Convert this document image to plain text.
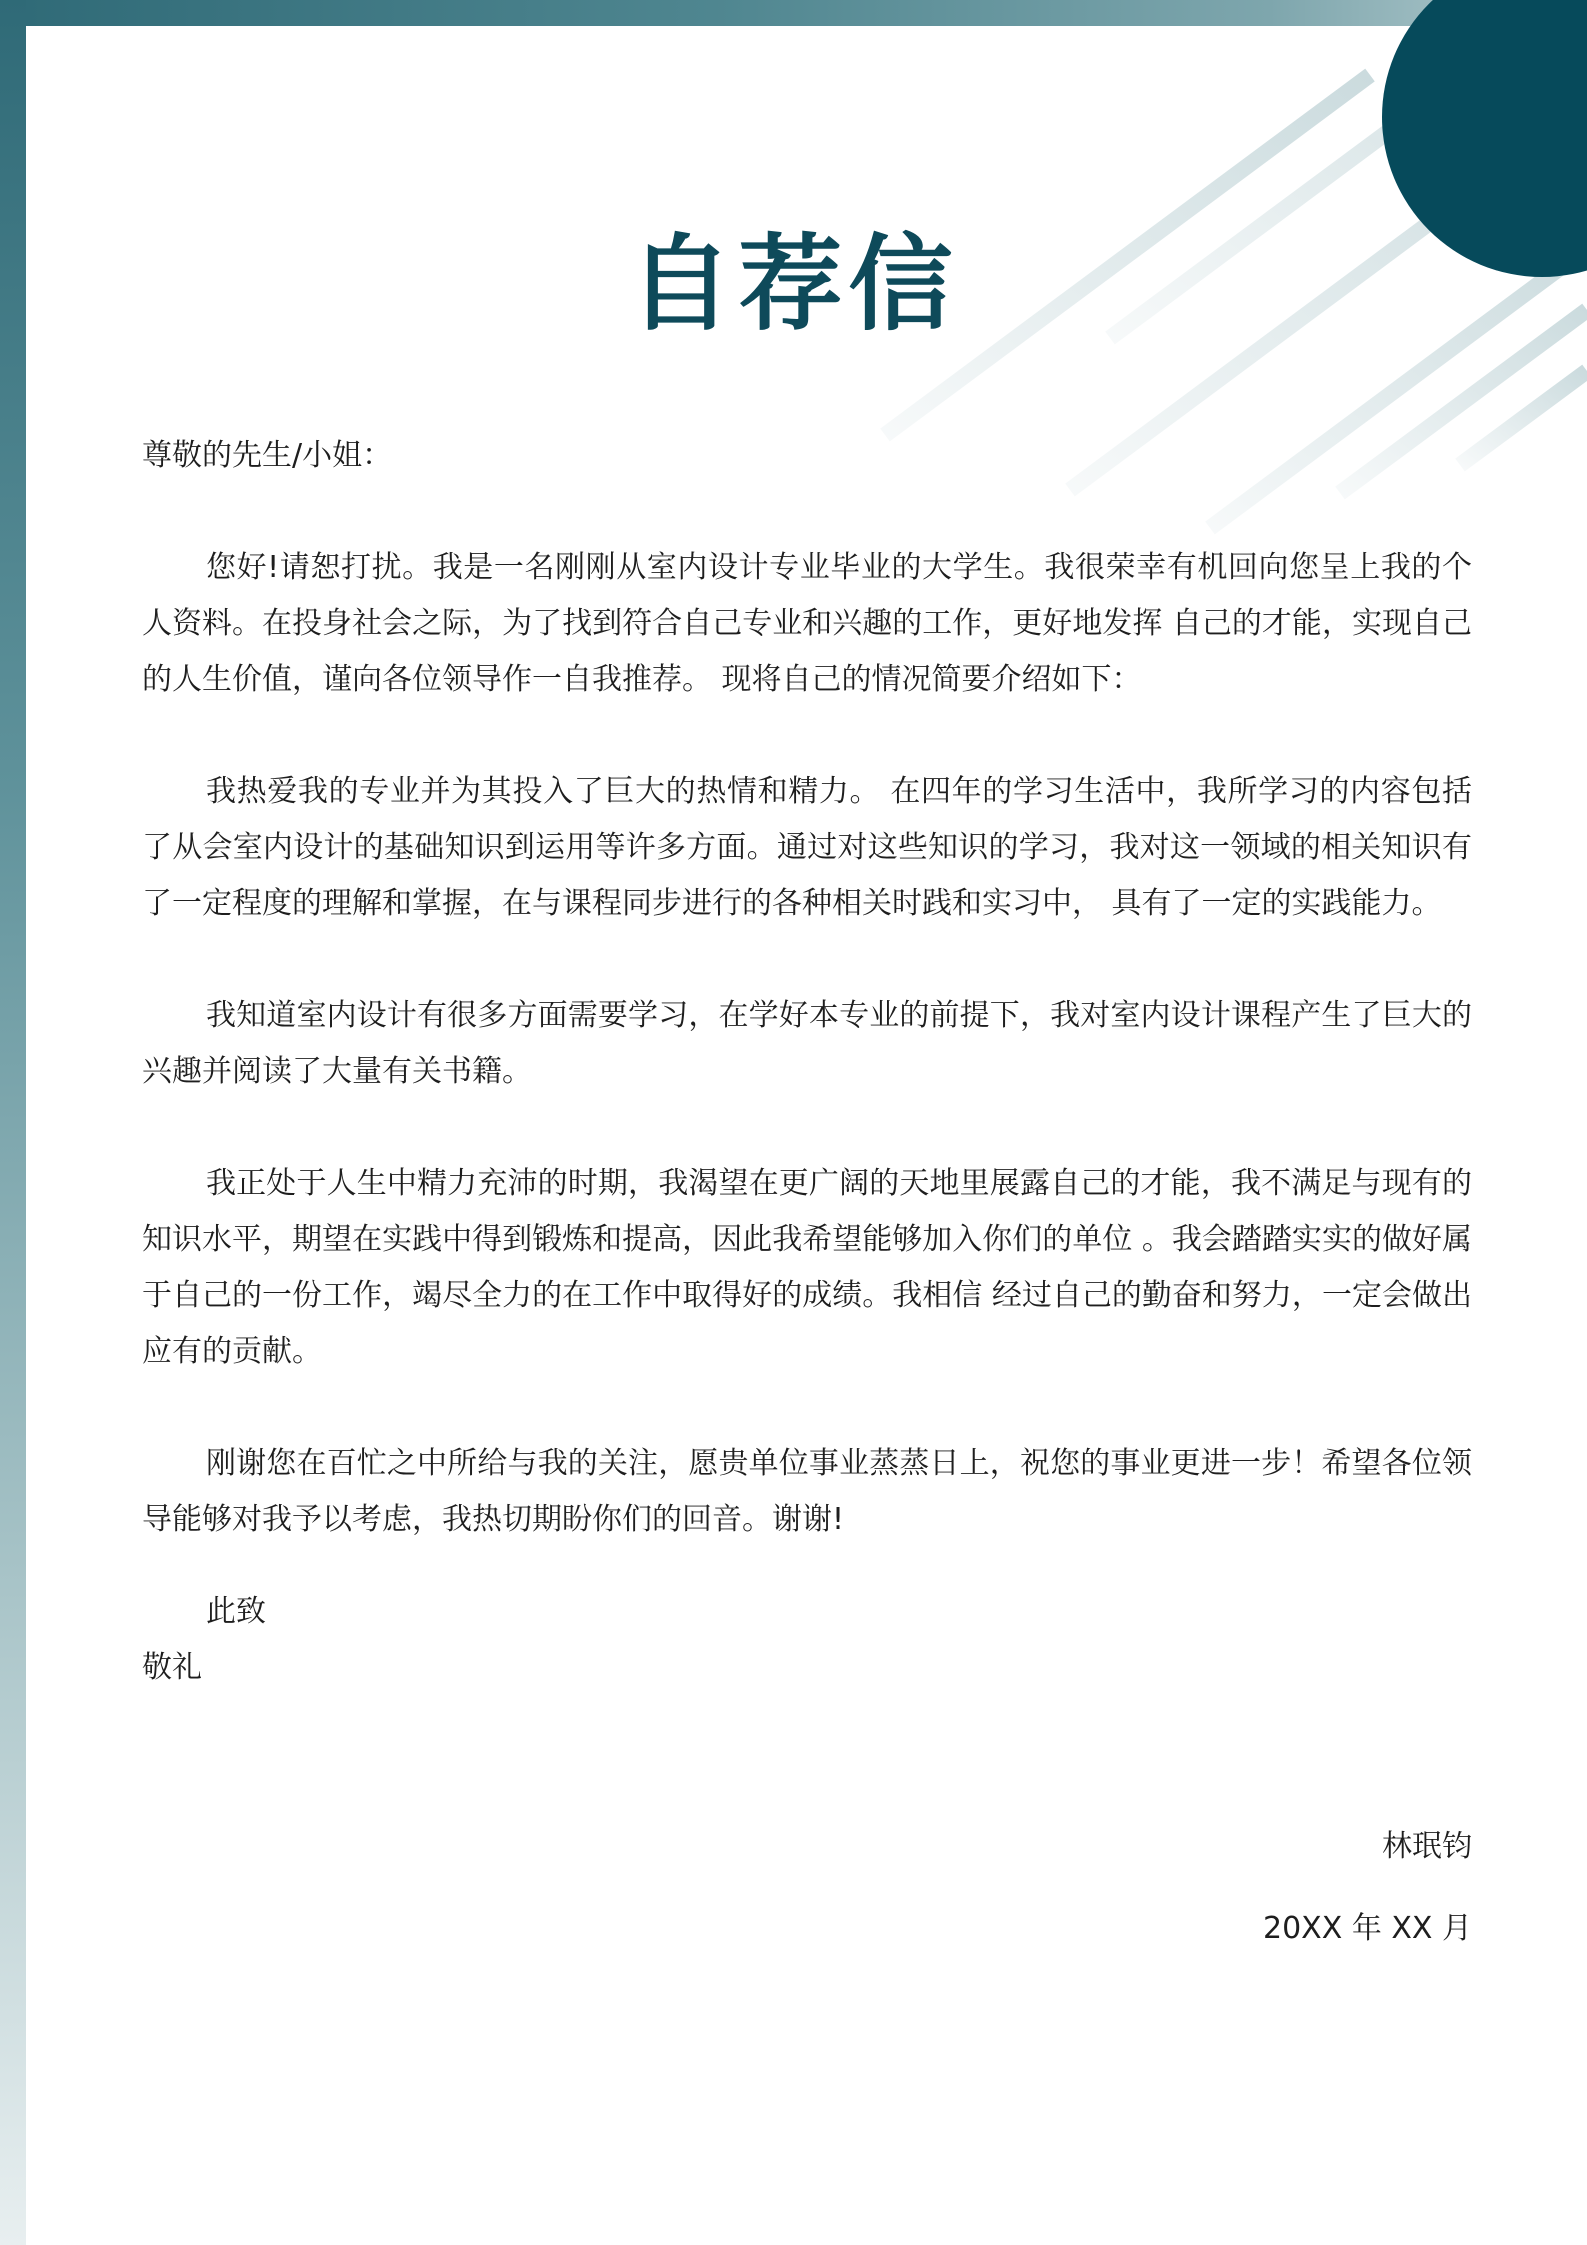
自荐信

尊敬的先生/小姐：

您好!请恕打扰。我是一名刚刚从室内设计专业毕业的大学生。我很荣幸有机回向您呈上我的个人资料。在投身社会之际，为了找到符合自己专业和兴趣的工作，更好地发挥 自己的才能，实现自己的人生价值，谨向各位领导作一自我推荐。 现将自己的情况简要介绍如下：

我热爱我的专业并为其投入了巨大的热情和精力。 在四年的学习生活中，我所学习的内容包括了从会室内设计的基础知识到运用等许多方面。通过对这些知识的学习，我对这一领域的相关知识有了一定程度的理解和掌握，在与课程同步进行的各种相关时践和实习中， 具有了一定的实践能力。

我知道室内设计有很多方面需要学习，在学好本专业的前提下，我对室内设计课程产生了巨大的兴趣并阅读了大量有关书籍。

我正处于人生中精力充沛的时期，我渴望在更广阔的天地里展露自己的才能，我不满足与现有的知识水平，期望在实践中得到锻炼和提高，因此我希望能够加入你们的单位 。我会踏踏实实的做好属于自己的一份工作，竭尽全力的在工作中取得好的成绩。我相信 经过自己的勤奋和努力，一定会做出应有的贡献。

刚谢您在百忙之中所给与我的关注，愿贵单位事业蒸蒸日上，祝您的事业更进一步！希望各位领导能够对我予以考虑，我热切期盼你们的回音。谢谢!

此致

敬礼

林珉钧
20XX 年 XX 月
